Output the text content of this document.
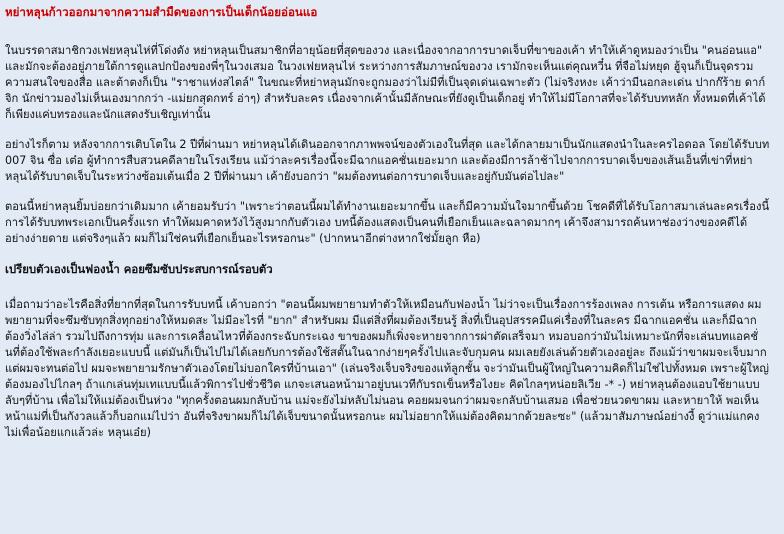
หย่าหลุนก้าวออกมาจากความสำมืดของการเป็นเด็กน้อยอ่อนแอ

ในบรรดาสมาชิกวงเฟยหลุนไห่ที่โด่งดัง หย่าหลุนเป็นสมาชิกที่อายุน้อยที่สุดของวง และเนื่องจากอาการบาดเจ็บที่ขาของเค้า ทำให้เค้าดูหมองว่าเป็น "คนอ่อนแอ" และมักจะต้องอยู่ภายใต้การดูแลปกป้องของพี่ๆในวงเสมอ ในวงเฟยหลุนไห่ ระหว่างการสัมภาษณ์ของวง เรามักจะเห็นแต่คุณหวี๋น ที่จือไม่หยุด ฮู้จุนก็เป็นจุดรวมความสนใจของสื่อ และต้าตงก็เป็น "ราชาแห่งสไตล์" ในขณะที่หย่าหลุนมักจะถูกมองว่าไม่มีที่เป็นจุดเด่นเฉพาะตัว (ไม่จริงหงะ เค้าว่ามีนอกละเด่น ปากก๊ร้าย ดาก์จิก นักข่าวมองไม่เห็นเองมากกว่า -แม่ยกสุดกทร์ อ่าๆ) สำหรับละคร เนื่องจากเค้านั้นมีลักษณะที่ยังดูเป็นเด็กอยู่ ทำให้ไม่มีโอกาสที่จะได้รับบทหลัก ทั้งหมดที่เค้าได้ ก็เพียงแค่บทรองและนักแสดงรับเชิญเท่านั้น

อย่างไรก็ตาม หลังจากการเติบโตใน 2 ปีที่ผ่านมา หย่าหลุนได้เดินออกจากภาพพจน์ของตัวเองในที่สุด และได้กลายมาเป็นนักแสดงนำในละครไอดอล โดยได้รับบท 007 จิน ซื่อ เต๋อ ผู้ทำการสืบสวนคดีลายในโรงเรียน แม้ว่าละครเรื่องนี้จะมีฉากแอคชั่นเยอะมาก และต้องมีการล้าช้าไปจากการบาดเจ็บของเส้นเอ็นที่เข่าที่หย่าหลุนได้รับบาดเจ็บในระหว่างซ้อมเต้นเมื่อ 2 ปีที่ผ่านมา เค้ายังบอกว่า "ผมต้องทนต่อการบาดเจ็บและอยู่กับมันต่อไปละ"

ตอนนี้หย่าหลุนยิ้มบ่อยกว่าเดิมมาก เค้ายอมรับว่า "เพราะว่าตอนนี้ผมได้ทำงานเยอะมากขึ้น และก็มีความมั่นใจมากขึ้นด้วย โชคดีที่ได้รับโอกาสมาเล่นละครเรื่องนี้ การได้รับบทพระเอกเป็นครั้งแรก ทำให้ผมคาดหวังไว้สูงมากกับตัวเอง บทนี้ต้องแสดงเป็นคนที่เยือกเย็นและฉลาดมากๆ เค้าจึงสามารถค้นหาช่องว่างของคดีได้อย่างง่ายดาย แต่จริงๆแล้ว ผมก็ไม่ใช่คนที่เยือกเย็นอะไรหรอกนะ" (ปากหนาอีกต่างหากใช่มั้ยลูก หือ)

เปรียบตัวเองเป็นฟองน้ำ คอยซึมซับประสบการณ์รอบตัว

เมื่อถามว่าอะไรคือสิ่งที่ยากที่สุดในการรับบทนี้ เค้าบอกว่า "ตอนนี้ผมพยายามทำตัวให้เหมือนกับฟองน้ำ ไม่ว่าจะเป็นเรื่องการร้องเพลง การเต้น หรือการแสดง ผมพยายามที่จะซึมซับทุกสิ่งทุกอย่างให้หมดสะ ไม่มีอะไรที่ "ยาก" สำหรับผม มีแต่สิ่งที่ผมต้องเรียนรู้ สิ่งที่เป็นอุปสรรคมีแค่เรื่องที่ในละคร มีฉากแอคชั่น และก็มีฉากต้องวิ่งไล่ล่า รวมไปถึงการทุ่ม และการเคลื่อนไหวที่ต้องกระฉับกระเฉง ขาของผมก็เพิ่งจะหายจากการผ่าตัดเสร็จมา หมอบอกว่ามันไม่เหมาะนักที่จะเล่นบทแอคชั่นที่ต้องใช้พละกำลังเยอะแบบนี้ แต่มันก็เป็นไปไม่ได้เลยกับการต้องใช้สตั๊นในฉากง่ายๆครั้งไปและจับกุมคน ผมเลยยังเล่นด้วยตัวเองอยู่ละ ถึงแม้ว่าขาผมจะเจ็บมาก แต่ผมจะทนต่อไป ผมจะพยายามรักษาตัวเองโดยไม่บอกใครที่บ้านเอา" (เล่นจริงเจ็บจริงของแท้ลูกชั้น จะว่ามันเป็นผู้ใหญ่ในความคิดก็ไม่ใช่ไปทั้งหมด เพราะผู้ใหญ่ต้องมองไปไกลๆ ถ้าแกเล่นทุ่มเทแบบนี้แล้วพิการไปชั่วชีวิต แกจะเสนอหน้ามาอยู่บนเวทีกับรถเข็นหรือไงยะ คิดไกลๆหน่อยลิเวีย -* -) หย่าหลุนต้องแอบใช้ยาแบบลับๆที่บ้าน เพื่อไม่ให้แม่ต้องเป็นห่วง "ทุกครั้งตอนผมกลับบ้าน แม่จะยังไม่หลับไม่นอน คอยผมจนกว่าผมจะกลับบ้านเสมอ เพื่อช่วยนวดขาผม และหายาให้ พอเห็นหน้าแม่ที่เป็นกังวลแล้วก็บอกแม่ไปว่า อันที่จริงขาผมก็ไม่ได้เจ็บขนาดนั้นหรอกนะ ผมไม่อยากให้แม่ต้องคิดมากด้วยละซะ" (แล้วมาสัมภาษณ์อย่างงี้ ดูว่าแม่แกคงไม่เพื่อน้อยแกแล้วล่ะ หลุนเอ๋ย)
